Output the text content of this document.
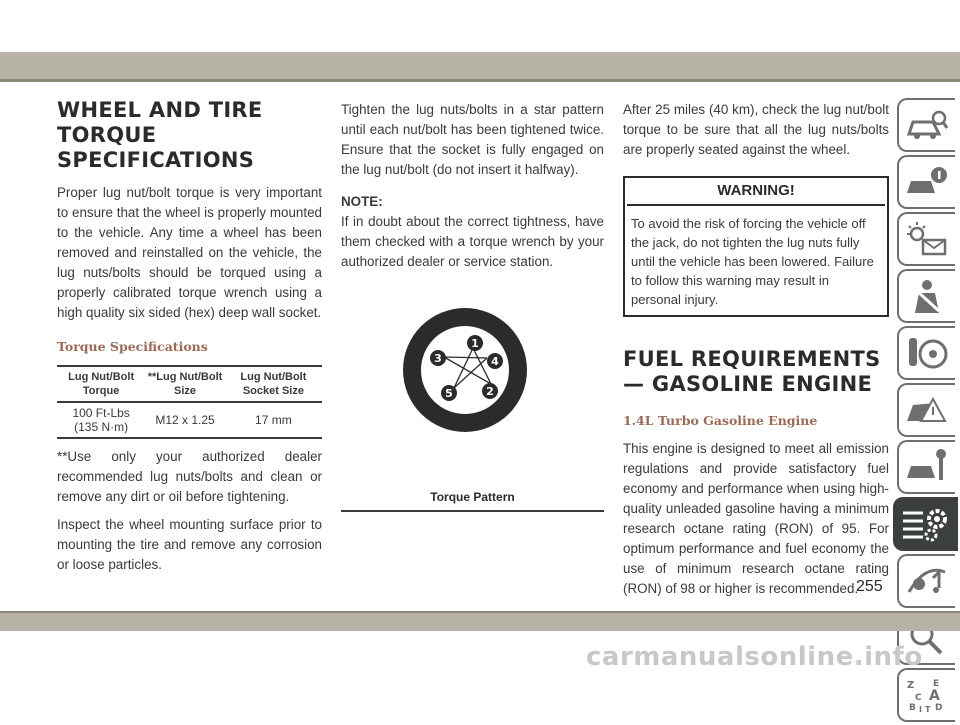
WHEEL AND TIRE TORQUE SPECIFICATIONS

Proper lug nut/bolt torque is very important to ensure that the wheel is properly mounted to the vehicle. Any time a wheel has been removed and reinstalled on the vehicle, the lug nuts/bolts should be torqued using a properly calibrated torque wrench using a high quality six sided (hex) deep wall socket.

Torque Specifications
Lug Nut/Bolt Torque	**Lug Nut/Bolt Size	Lug Nut/Bolt Socket Size
100 Ft-Lbs (135 N·m)	M12 x 1.25	17 mm

**Use only your authorized dealer recommended lug nuts/bolts and clean or remove any dirt or oil before tightening.

Inspect the wheel mounting surface prior to mounting the tire and remove any corrosion or loose particles.

Tighten the lug nuts/bolts in a star pattern until each nut/bolt has been tightened twice. Ensure that the socket is fully engaged on the lug nut/bolt (do not insert it halfway).

NOTE:

If in doubt about the correct tightness, have them checked with a torque wrench by your authorized dealer or service station.

1
4
2
5
3
Torque Pattern

After 25 miles (40 km), check the lug nut/bolt torque to be sure that all the lug nuts/bolts are properly seated against the wheel.

WARNING!
To avoid the risk of forcing the vehicle off the jack, do not tighten the lug nuts fully until the vehicle has been lowered. Failure to follow this warning may result in personal injury.
FUEL REQUIREMENTS — GASOLINE ENGINE
1.4L Turbo Gasoline Engine

This engine is designed to meet all emission regulations and provide satisfactory fuel economy and performance when using high-quality unleaded gasoline having a minimum research octane rating (RON) of 95. For optimum performance and fuel economy the use of minimum research octane rating (RON) of 98 or higher is recommended.

Z E
A
C
B D
I T
255
carmanualsonline.info
